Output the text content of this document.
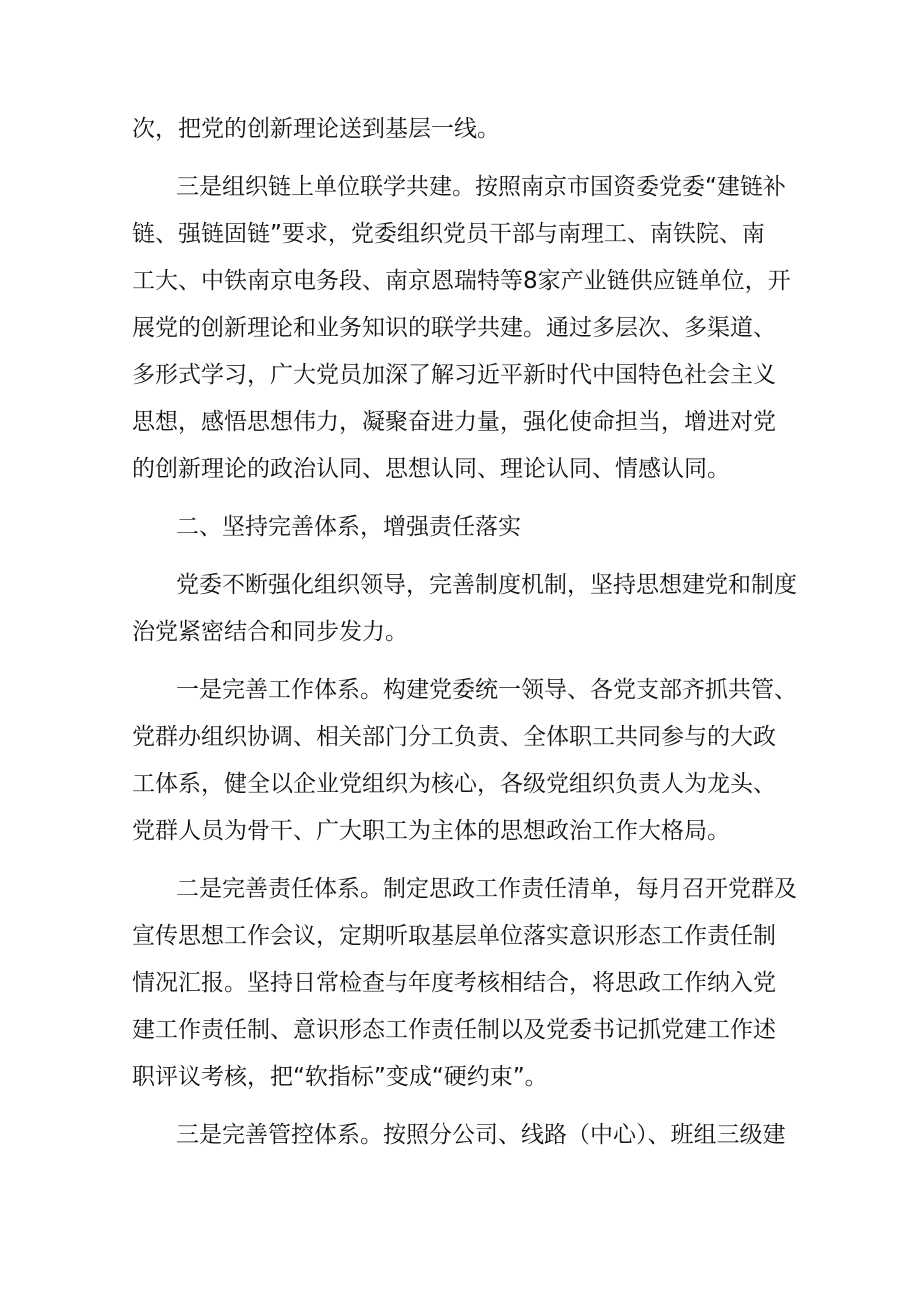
次，把党的创新理论送到基层一线。

三是组织链上单位联学共建。按照南京市国资委党委“建链补
链、强链固链”要求，党委组织党员干部与南理工、南铁院、南
工大、中铁南京电务段、南京恩瑞特等8家产业链供应链单位，开
展党的创新理论和业务知识的联学共建。通过多层次、多渠道、
多形式学习，广大党员加深了解习近平新时代中国特色社会主义
思想，感悟思想伟力，凝聚奋进力量，强化使命担当，增进对党
的创新理论的政治认同、思想认同、理论认同、情感认同。

二、坚持完善体系，增强责任落实

党委不断强化组织领导，完善制度机制，坚持思想建党和制度
治党紧密结合和同步发力。

一是完善工作体系。构建党委统一领导、各党支部齐抓共管、
党群办组织协调、相关部门分工负责、全体职工共同参与的大政
工体系，健全以企业党组织为核心，各级党组织负责人为龙头、
党群人员为骨干、广大职工为主体的思想政治工作大格局。

二是完善责任体系。制定思政工作责任清单，每月召开党群及
宣传思想工作会议，定期听取基层单位落实意识形态工作责任制
情况汇报。坚持日常检查与年度考核相结合，将思政工作纳入党
建工作责任制、意识形态工作责任制以及党委书记抓党建工作述
职评议考核，把“软指标”变成“硬约束”。

三是完善管控体系。按照分公司、线路（中心）、班组三级建
